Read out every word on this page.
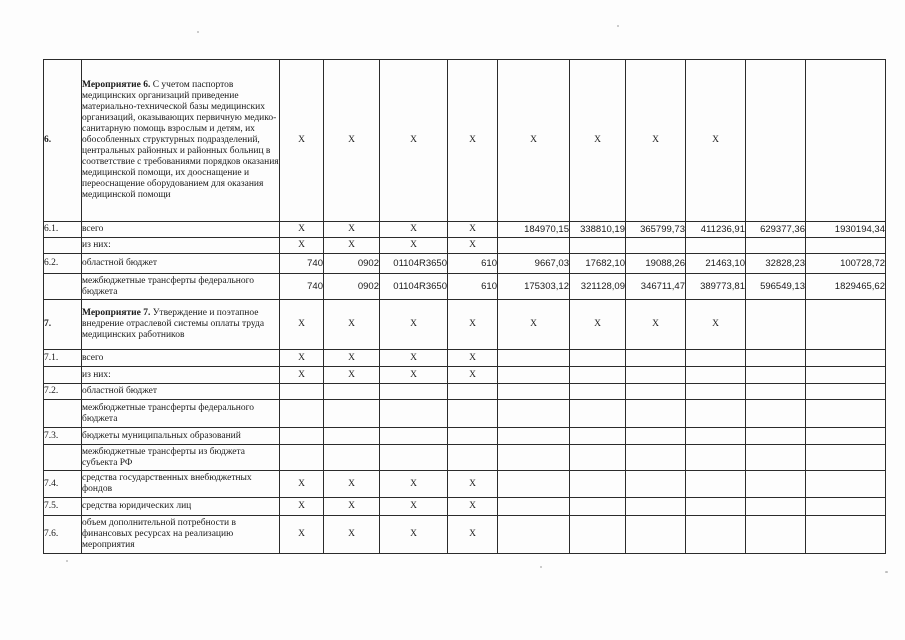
6.	Мероприятие 6. С учетом паспортов медицинских организаций приведение материально-технической базы медицинских организаций, оказывающих первичную медико-санитарную помощь взрослым и детям, их обособленных структурных подразделений, центральных районных и районных больниц в соответствие с требованиями порядков оказания медицинской помощи, их дооснащение и переоснащение оборудованием для оказания медицинской помощи	X	X	X	X	X	X	X	X		
6.1.	всего	X	X	X	X	184970,15	338810,19	365799,73	411236,91	629377,36	1930194,34
	из них:	X	X	X	X						
6.2.	областной бюджет	740	0902	01104R3650	610	9667,03	17682,10	19088,26	21463,10	32828,23	100728,72
	межбюджетные трансферты федерального бюджета	740	0902	01104R3650	610	175303,12	321128,09	346711,47	389773,81	596549,13	1829465,62
7.	Мероприятие 7. Утверждение и поэтапное внедрение отраслевой системы оплаты труда медицинских работников	X	X	X	X	X	X	X	X		
7.1.	всего	X	X	X	X						
	из них:	X	X	X	X						
7.2.	областной бюджет										
	межбюджетные трансферты федерального бюджета										
7.3.	бюджеты муниципальных образований										
	межбюджетные трансферты из бюджета субъекта РФ										
7.4.	средства государственных внебюджетных фондов	X	X	X	X						
7.5.	средства юридических лиц	X	X	X	X						
7.6.	объем дополнительной потребности в финансовых ресурсах на реализацию мероприятия	X	X	X	X						
